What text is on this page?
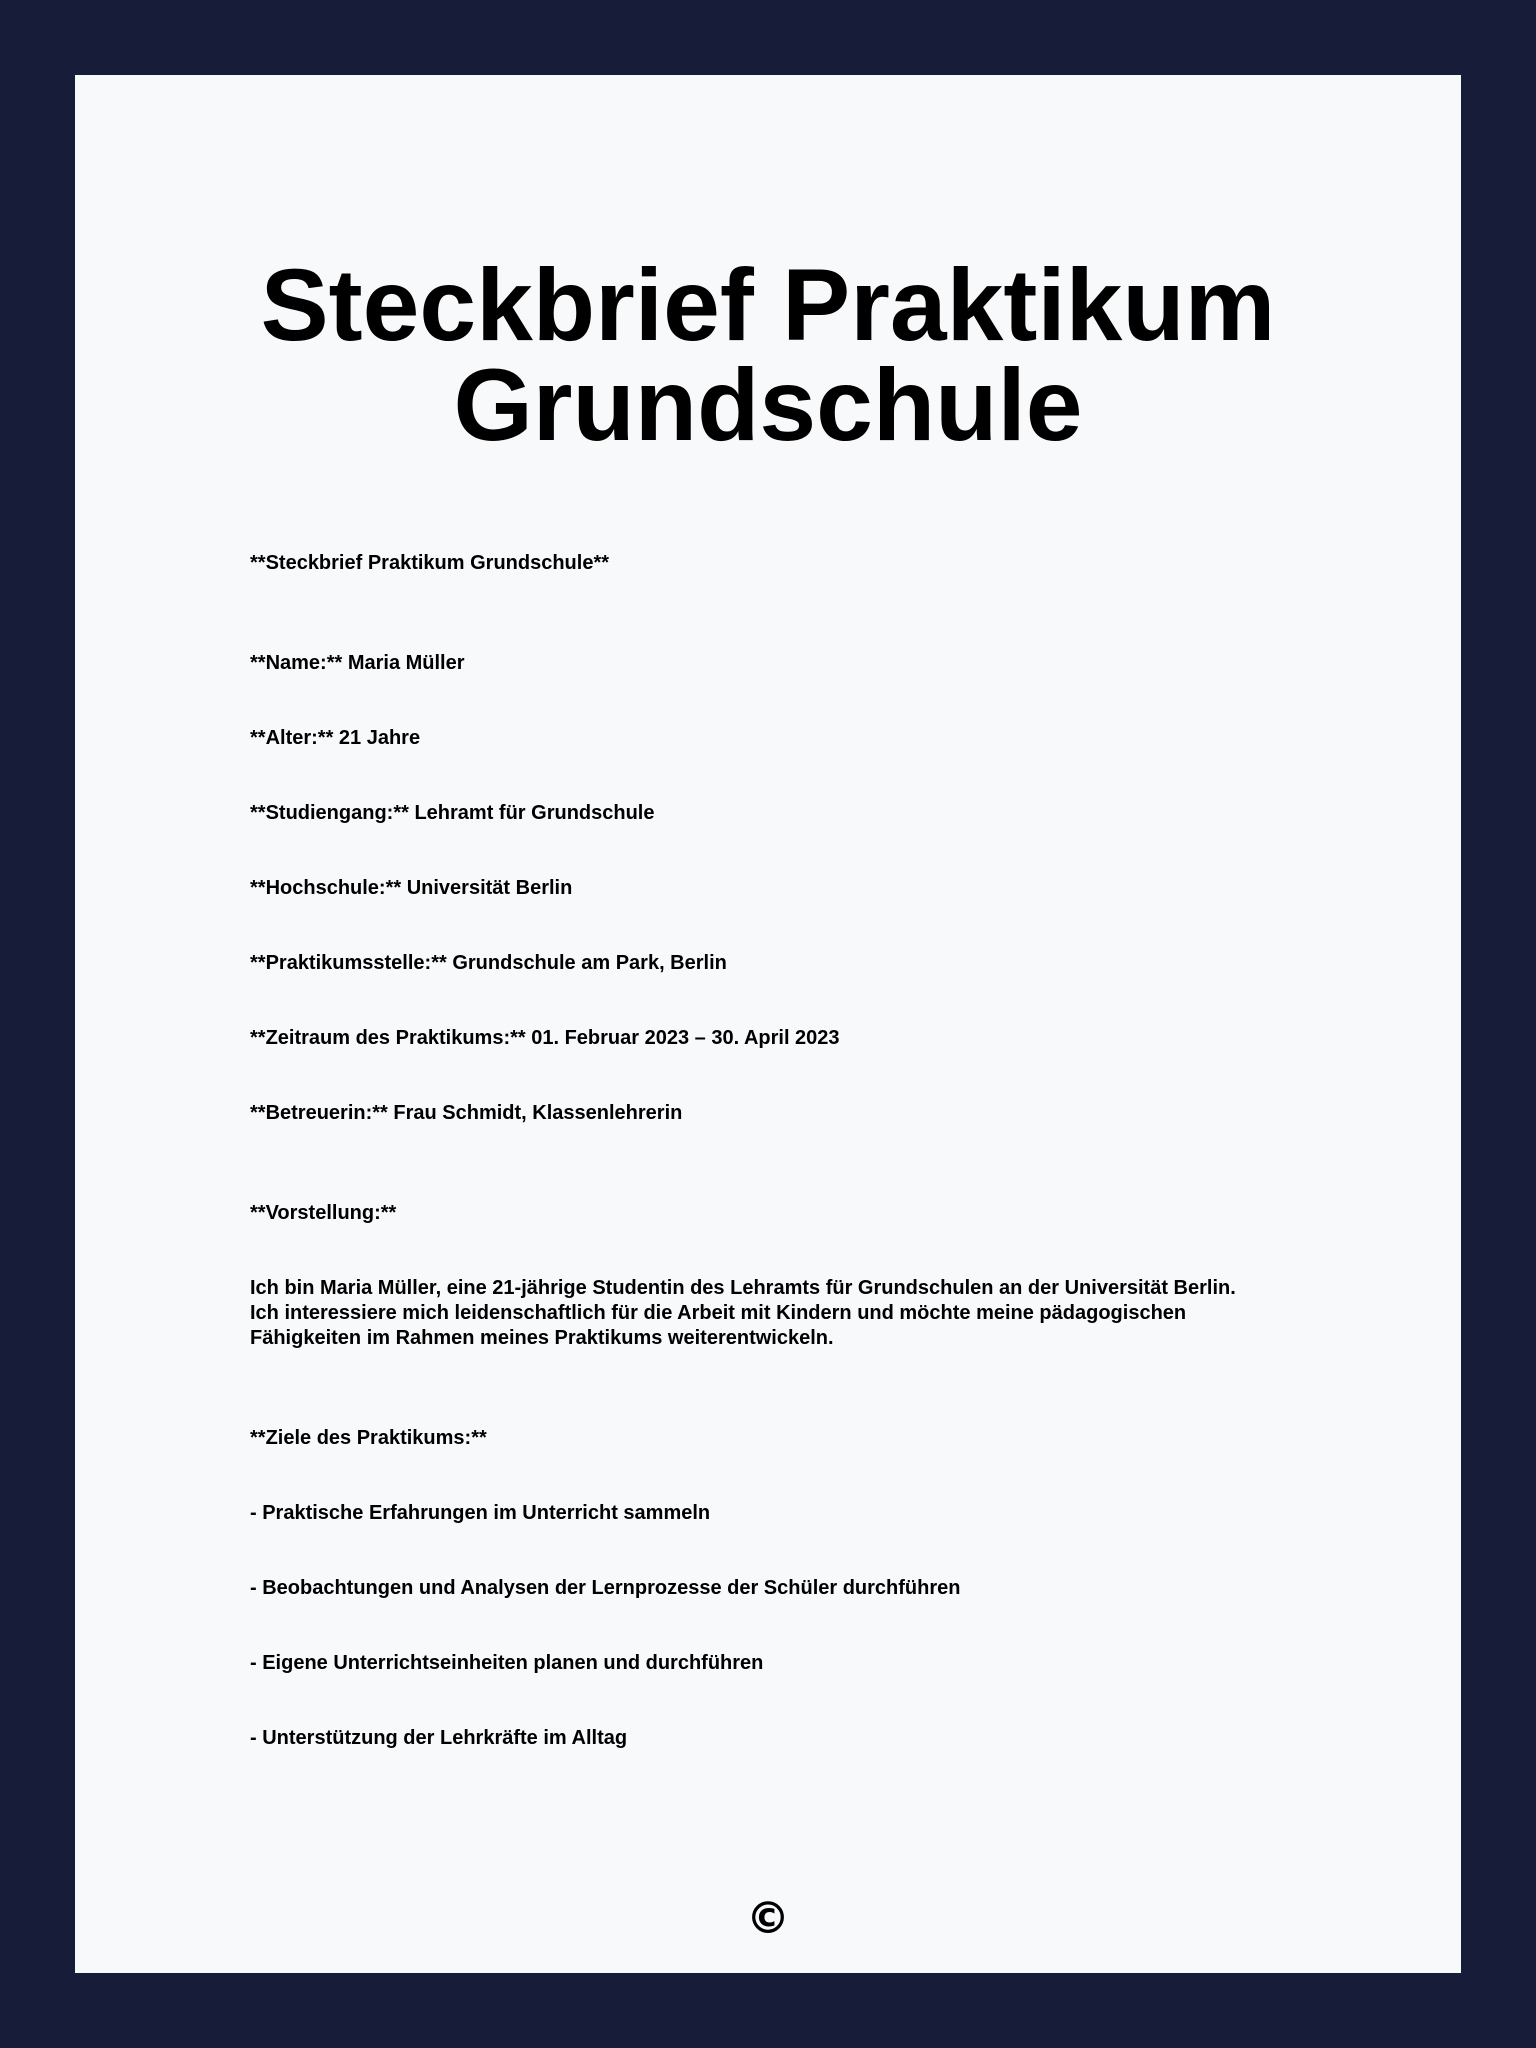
Steckbrief Praktikum
Grundschule

**Steckbrief Praktikum Grundschule**

**Name:** Maria Müller

**Alter:** 21 Jahre

**Studiengang:** Lehramt für Grundschule

**Hochschule:** Universität Berlin

**Praktikumsstelle:** Grundschule am Park, Berlin

**Zeitraum des Praktikums:** 01. Februar 2023 – 30. April 2023

**Betreuerin:** Frau Schmidt, Klassenlehrerin

**Vorstellung:**

Ich bin Maria Müller, eine 21-jährige Studentin des Lehramts für Grundschulen an der Universität Berlin.
Ich interessiere mich leidenschaftlich für die Arbeit mit Kindern und möchte meine pädagogischen
Fähigkeiten im Rahmen meines Praktikums weiterentwickeln.

**Ziele des Praktikums:**

- Praktische Erfahrungen im Unterricht sammeln

- Beobachtungen und Analysen der Lernprozesse der Schüler durchführen

- Eigene Unterrichtseinheiten planen und durchführen

- Unterstützung der Lehrkräfte im Alltag

©
